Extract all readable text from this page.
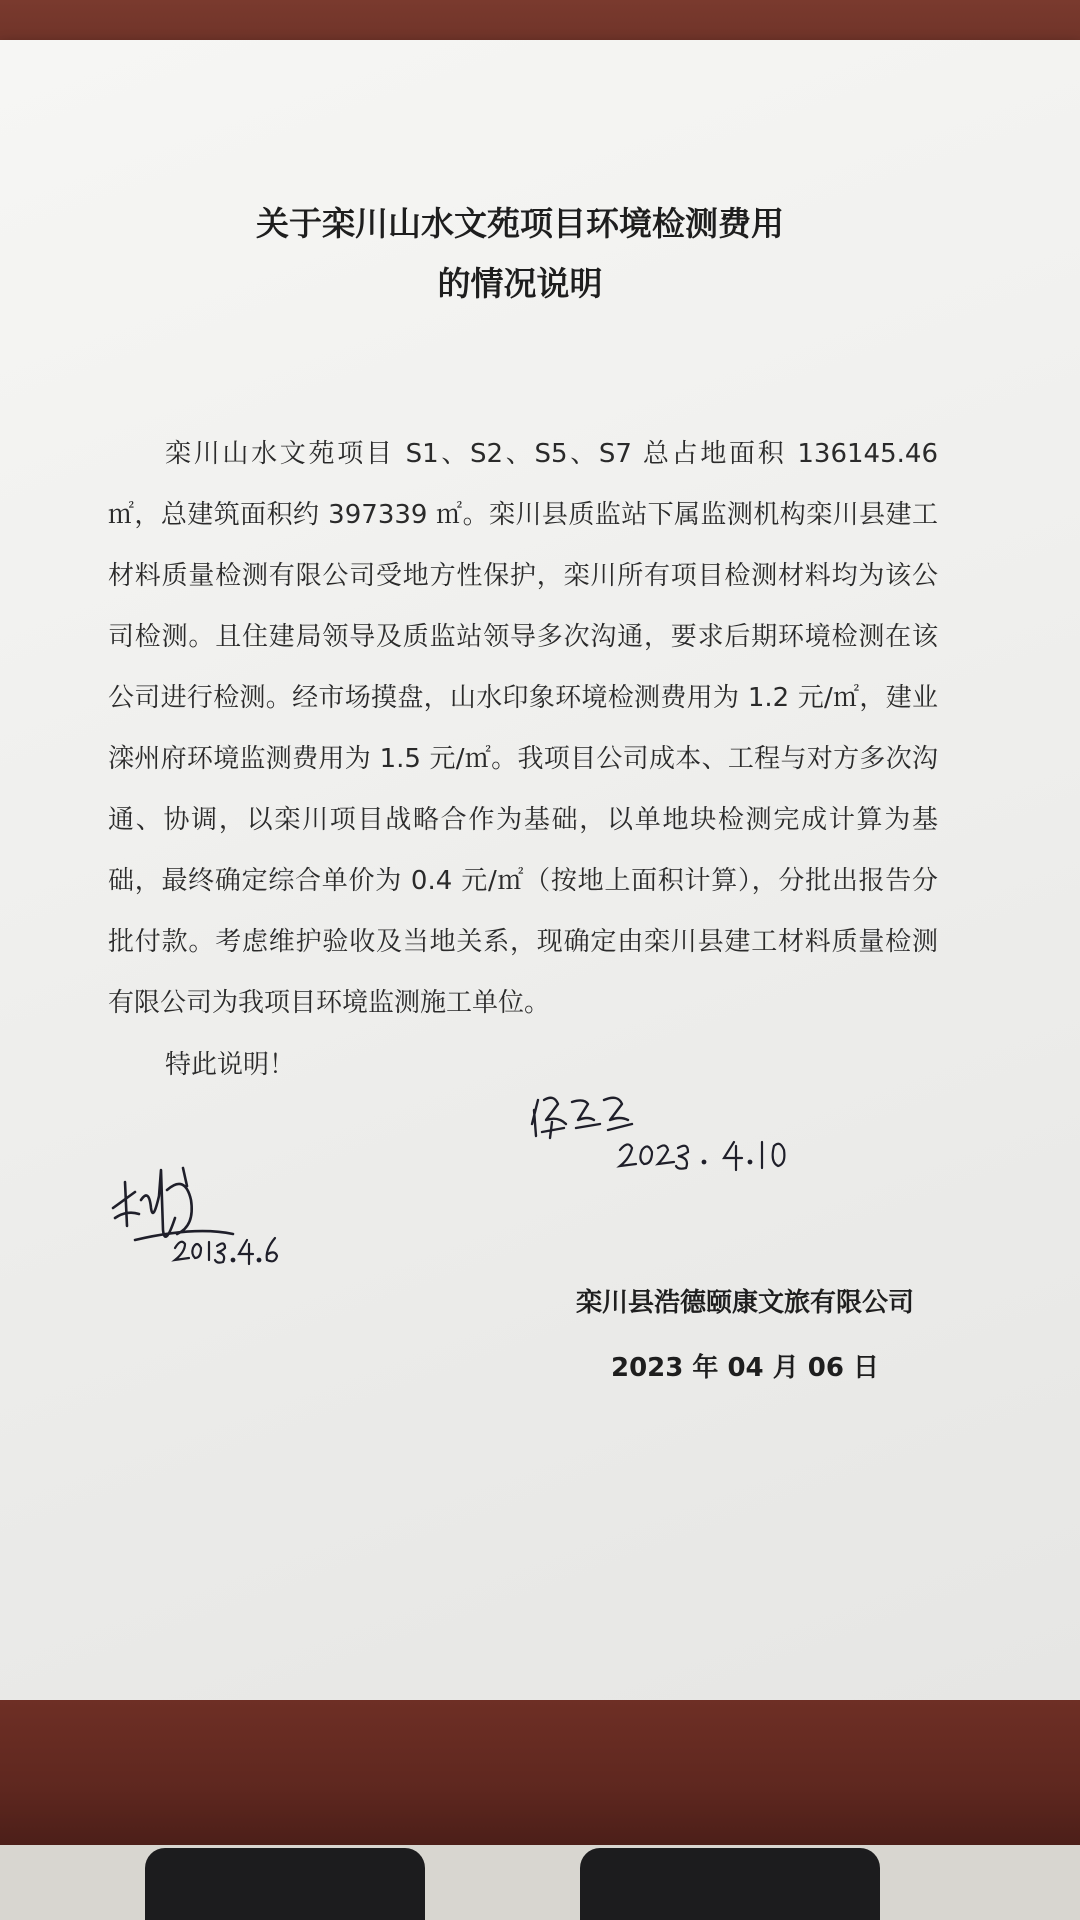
关于栾川山水文苑项目环境检测费用
的情况说明
栾川山水文苑项目 S1、S2、S5、S7 总占地面积 136145.46 ㎡，总建筑面积约 397339 ㎡。栾川县质监站下属监测机构栾川县建工材料质量检测有限公司受地方性保护，栾川所有项目检测材料均为该公司检测。且住建局领导及质监站领导多次沟通，要求后期环境检测在该公司进行检测。经市场摸盘，山水印象环境检测费用为 1.2 元/㎡，建业滦州府环境监测费用为 1.5 元/㎡。我项目公司成本、工程与对方多次沟通、协调，以栾川项目战略合作为基础，以单地块检测完成计算为基础，最终确定综合单价为 0.4 元/㎡（按地上面积计算），分批出报告分批付款。考虑维护验收及当地关系，现确定由栾川县建工材料质量检测有限公司为我项目环境监测施工单位。
特此说明！
栾川县浩德颐康文旅有限公司
2023 年 04 月 06 日
